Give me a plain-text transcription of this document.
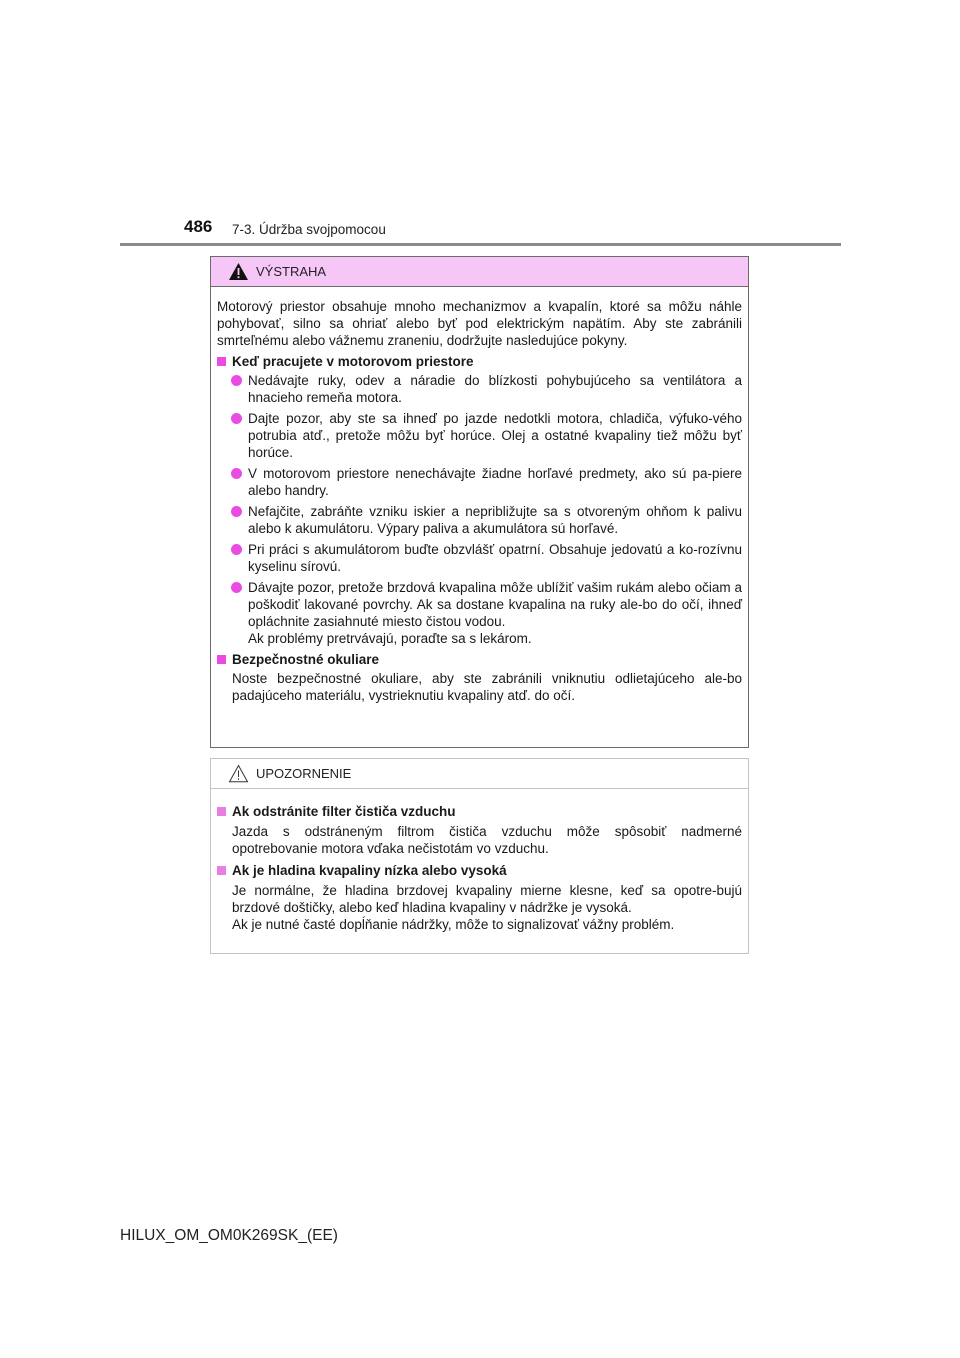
486 7-3. Údržba svojpomocou
VÝSTRAHA

Motorový priestor obsahuje mnoho mechanizmov a kvapalín, ktoré sa môžu náhle pohybovať, silno sa ohriať alebo byť pod elektrickým napätím. Aby ste zabránili smrteľnému alebo vážnemu zraneniu, dodržujte nasledujúce pokyny.

Keď pracujete v motorovom priestore

Nedávajte ruky, odev a náradie do blízkosti pohybujúceho sa ventilátora a hnacieho remeňa motora.

Dajte pozor, aby ste sa ihneď po jazde nedotkli motora, chladiča, výfuko-vého potrubia atď., pretože môžu byť horúce. Olej a ostatné kvapaliny tiež môžu byť horúce.

V motorovom priestore nenechávajte žiadne horľavé predmety, ako sú pa-piere alebo handry.

Nefajčite, zabráňte vzniku iskier a nepribližujte sa s otvoreným ohňom k palivu alebo k akumulátoru. Výpary paliva a akumulátora sú horľavé.

Pri práci s akumulátorom buďte obzvlášť opatrní. Obsahuje jedovatú a ko-rozívnu kyselinu sírovú.

Dávajte pozor, pretože brzdová kvapalina môže ublížiť vašim rukám alebo očiam a poškodiť lakované povrchy. Ak sa dostane kvapalina na ruky ale-bo do očí, ihneď opláchnite zasiahnuté miesto čistou vodou.
Ak problémy pretrvávajú, poraďte sa s lekárom.

Bezpečnostné okuliare

Noste bezpečnostné okuliare, aby ste zabránili vniknutiu odlietajúceho ale-bo padajúceho materiálu, vystrieknutiu kvapaliny atď. do očí.

UPOZORNENIE
Ak odstránite filter čističa vzduchu

Jazda s odstráneným filtrom čističa vzduchu môže spôsobiť nadmerné opotrebovanie motora vďaka nečistotám vo vzduchu.

Ak je hladina kvapaliny nízka alebo vysoká

Je normálne, že hladina brzdovej kvapaliny mierne klesne, keď sa opotre-bujú brzdové doštičky, alebo keď hladina kvapaliny v nádržke je vysoká.
Ak je nutné časté dopĺňanie nádržky, môže to signalizovať vážny problém.

HILUX_OM_OM0K269SK_(EE)
